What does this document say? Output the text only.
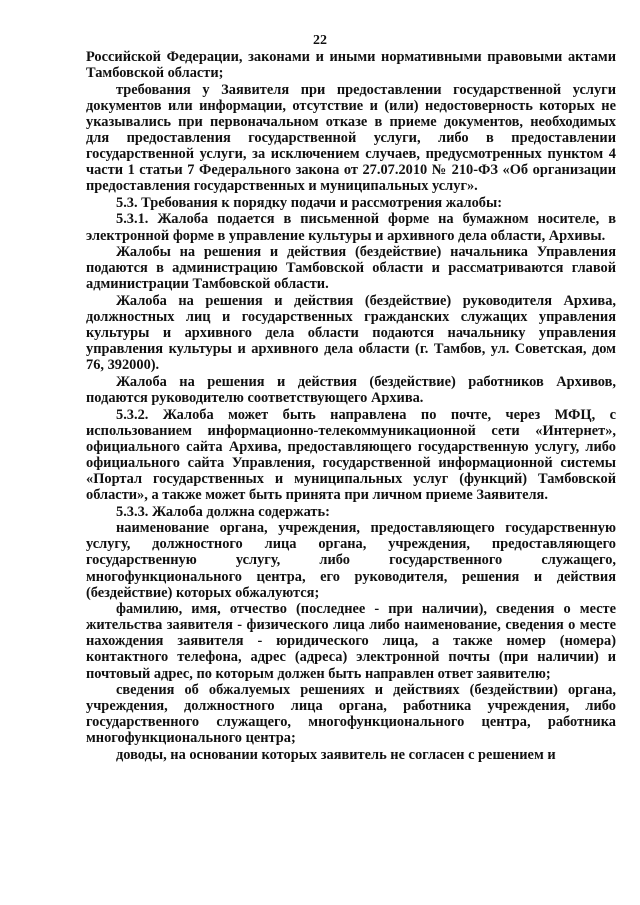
22

Российской Федерации, законами и иными нормативными правовыми актами Тамбовской области;

требования у Заявителя при предоставлении государственной услуги документов или информации, отсутствие и (или) недостоверность которых не указывались при первоначальном отказе в приеме документов, необходимых для предоставления государственной услуги, либо в предоставлении государственной услуги, за исключением случаев, предусмотренных пунктом 4 части 1 статьи 7 Федерального закона от 27.07.2010 № 210-ФЗ «Об организации предоставления государственных и муниципальных услуг».

5.3. Требования к порядку подачи и рассмотрения жалобы:

5.3.1. Жалоба подается в письменной форме на бумажном носителе, в электронной форме в управление культуры и архивного дела области, Архивы.

Жалобы на решения и действия (бездействие) начальника Управления подаются в администрацию Тамбовской области и рассматриваются главой администрации Тамбовской области.

Жалоба на решения и действия (бездействие) руководителя Архива, должностных лиц и государственных гражданских служащих управления культуры и архивного дела области подаются начальнику управления управления культуры и архивного дела области (г. Тамбов, ул. Советская, дом 76, 392000).

Жалоба на решения и действия (бездействие) работников Архивов, подаются руководителю соответствующего Архива.

5.3.2. Жалоба может быть направлена по почте, через МФЦ, с использованием информационно-телекоммуникационной сети «Интернет», официального сайта Архива, предоставляющего государственную услугу, либо официального сайта Управления, государственной информационной системы «Портал государственных и муниципальных услуг (функций) Тамбовской области», а также может быть принята при личном приеме Заявителя.

5.3.3. Жалоба должна содержать:

наименование органа, учреждения, предоставляющего государственную услугу, должностного лица органа, учреждения, предоставляющего государственную услугу, либо государственного служащего, многофункционального центра, его руководителя, решения и действия (бездействие) которых обжалуются;

фамилию, имя, отчество (последнее - при наличии), сведения о месте жительства заявителя - физического лица либо наименование, сведения о месте нахождения заявителя - юридического лица, а также номер (номера) контактного телефона, адрес (адреса) электронной почты (при наличии) и почтовый адрес, по которым должен быть направлен ответ заявителю;

сведения об обжалуемых решениях и действиях (бездействии) органа, учреждения, должностного лица органа, работника учреждения, либо государственного служащего, многофункционального центра, работника многофункционального центра;

доводы, на основании которых заявитель не согласен с решением и
